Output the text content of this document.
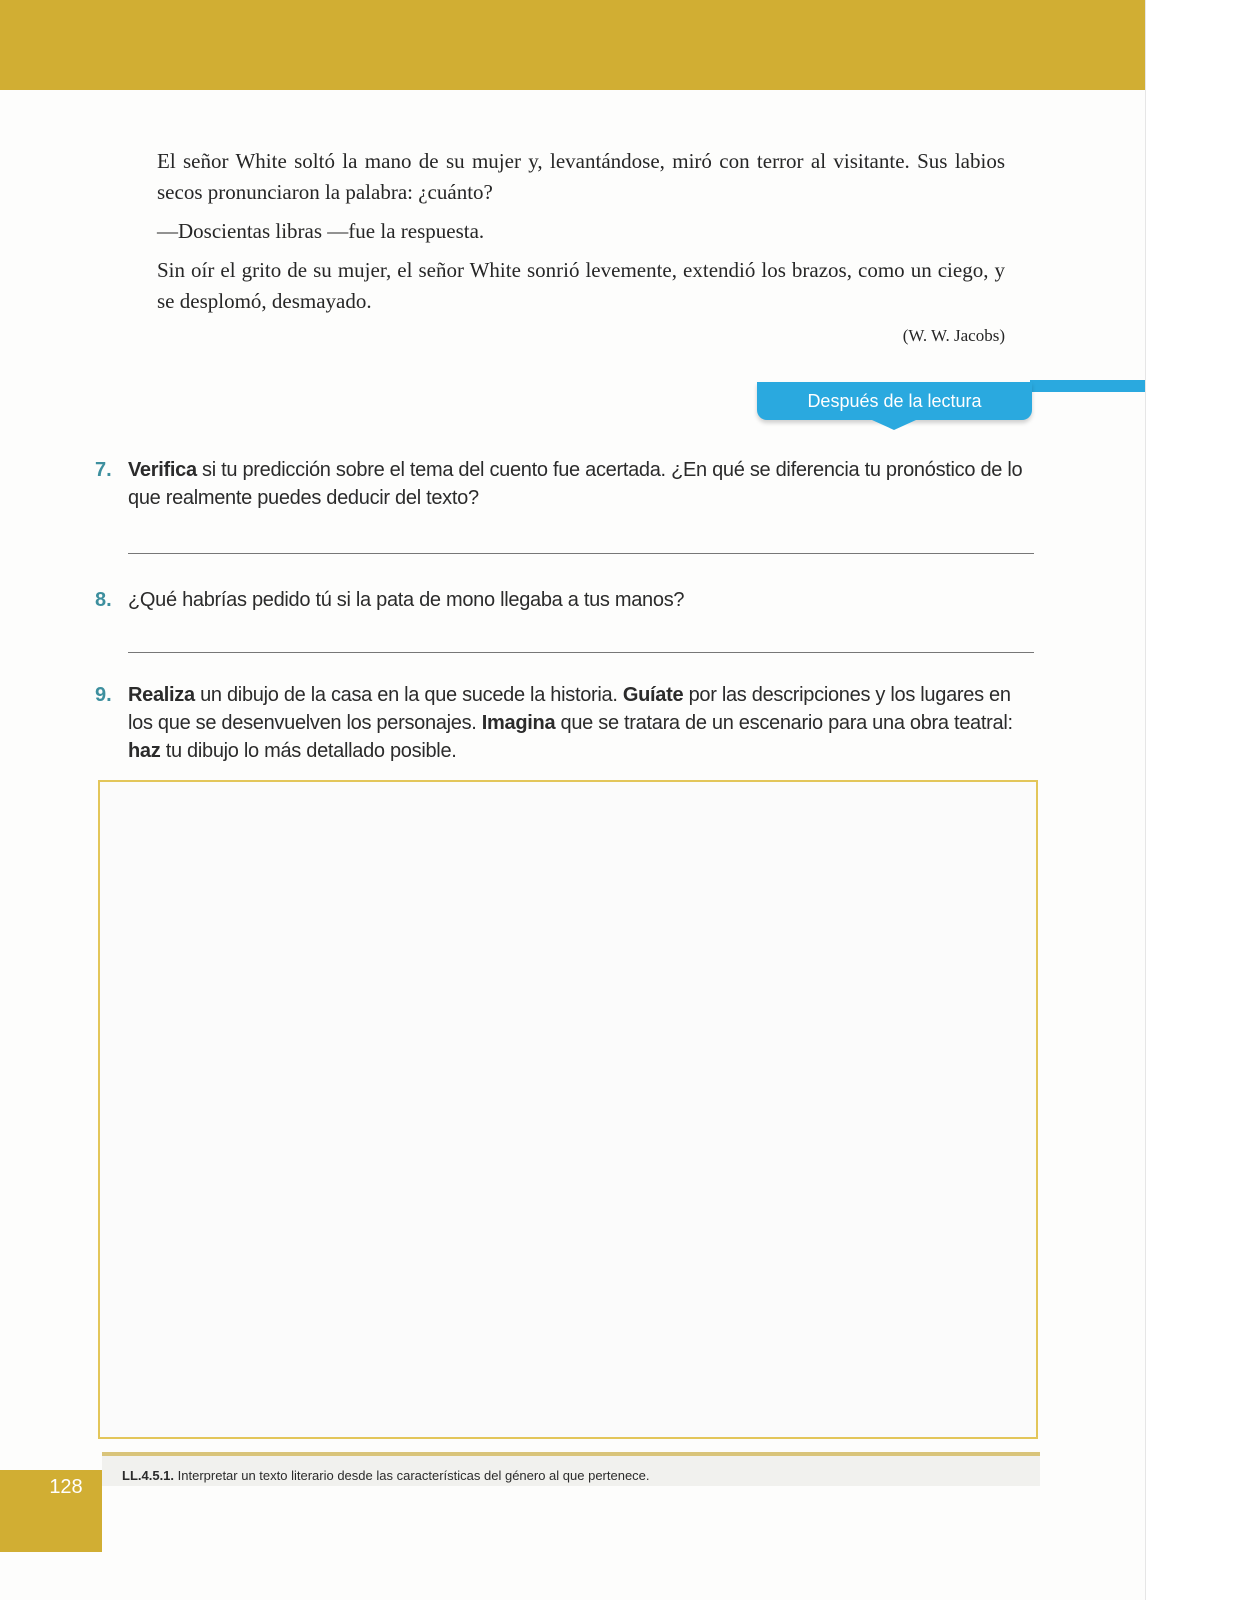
El señor White soltó la mano de su mujer y, levantándose, miró con terror al visitante. Sus labios secos pronunciaron la palabra: ¿cuánto?

—Doscientas libras —fue la respuesta.

Sin oír el grito de su mujer, el señor White sonrió levemente, extendió los brazos, como un ciego, y se desplomó, desmayado.

(W. W. Jacobs)
Después de la lectura
7. Verifica si tu predicción sobre el tema del cuento fue acertada. ¿En qué se diferencia tu pronóstico de lo que realmente puedes deducir del texto?
8. ¿Qué habrías pedido tú si la pata de mono llegaba a tus manos?
9. Realiza un dibujo de la casa en la que sucede la historia. Guíate por las descripciones y los lugares en los que se desenvuelven los personajes. Imagina que se tratara de un escenario para una obra teatral: haz tu dibujo lo más detallado posible.
LL.4.5.1. Interpretar un texto literario desde las características del género al que pertenece.
128
